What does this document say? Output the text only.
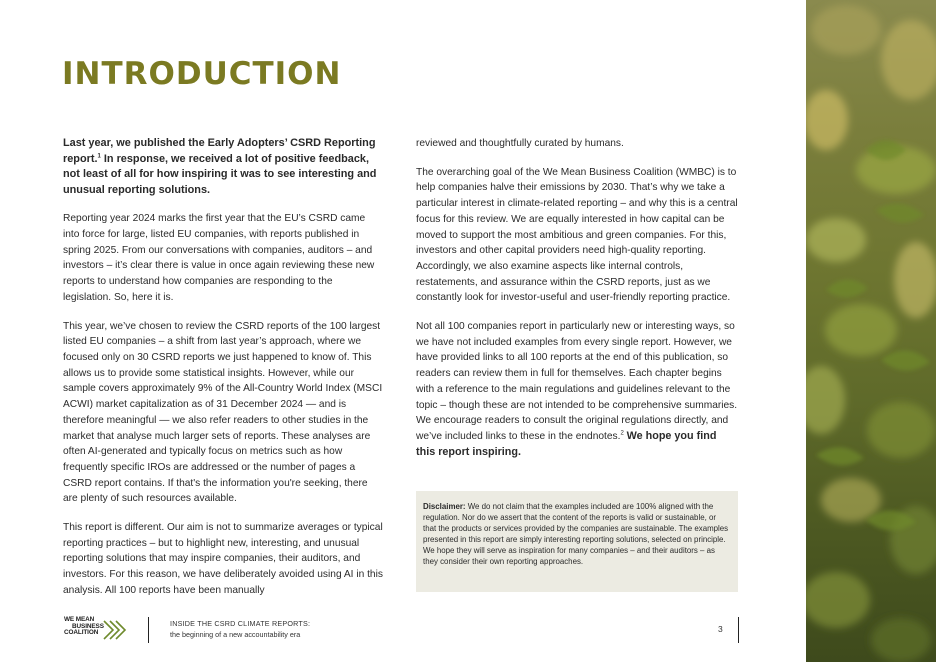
INTRODUCTION

Last year, we published the Early Adopters’ CSRD Reporting report.$^1$ In response, we received a lot of positive feedback, not least of all for how inspiring it was to see interesting and unusual reporting solutions.

Reporting year 2024 marks the first year that the EU’s CSRD came into force for large, listed EU companies, with reports published in spring 2025. From our conversations with companies, auditors – and investors – it’s clear there is value in once again reviewing these new reports to understand how companies are responding to the legislation. So, here it is.

This year, we’ve chosen to review the CSRD reports of the 100 largest listed EU companies – a shift from last year’s approach, where we focused only on 30 CSRD reports we just happened to know of. This allows us to provide some statistical insights. However, while our sample covers approximately 9% of the All-Country World Index (MSCI ACWI) market capitalization as of 31 December 2024 — and is therefore meaningful — we also refer readers to other studies in the market that analyse much larger sets of reports. These analyses are often AI-generated and typically focus on metrics such as how frequently specific IROs are addressed or the number of pages a CSRD report contains. If that's the information you're seeking, there are plenty of such resources available.

This report is different. Our aim is not to summarize averages or typical reporting practices – but to highlight new, interesting, and unusual reporting solutions that may inspire companies, their auditors, and investors. For this reason, we have deliberately avoided using AI in this analysis. All 100 reports have been manually

reviewed and thoughtfully curated by humans.

The overarching goal of the We Mean Business Coalition (WMBC) is to help companies halve their emissions by 2030. That’s why we take a particular interest in climate-related reporting – and why this is a central focus for this review. We are equally interested in how capital can be moved to support the most ambitious and green companies. For this, investors and other capital providers need high-quality reporting. Accordingly, we also examine aspects like internal controls, restatements, and assurance within the CSRD reports, just as we constantly look for investor-useful and user-friendly reporting practice.

Not all 100 companies report in particularly new or interesting ways, so we have not included examples from every single report. However, we have provided links to all 100 reports at the end of this publication, so readers can review them in full for themselves. Each chapter begins with a reference to the main regulations and guidelines relevant to the topic – though these are not intended to be comprehensive summaries. We encourage readers to consult the original regulations directly, and we’ve included links to these in the endnotes.$^2$ We hope you find this report inspiring.

Disclaimer: We do not claim that the examples included are 100% aligned with the regulation. Nor do we assert that the content of the reports is valid or sustainable, or that the products or services provided by the companies are sustainable. The examples presented in this report are simply interesting reporting solutions, selected on principle. We hope they will serve as inspiration for many companies – and their auditors – as they consider their own reporting approaches.
WE MEAN
BUSINESS
COALITION
INSIDE THE CSRD CLIMATE REPORTS:
the beginning of a new accountability era
3
